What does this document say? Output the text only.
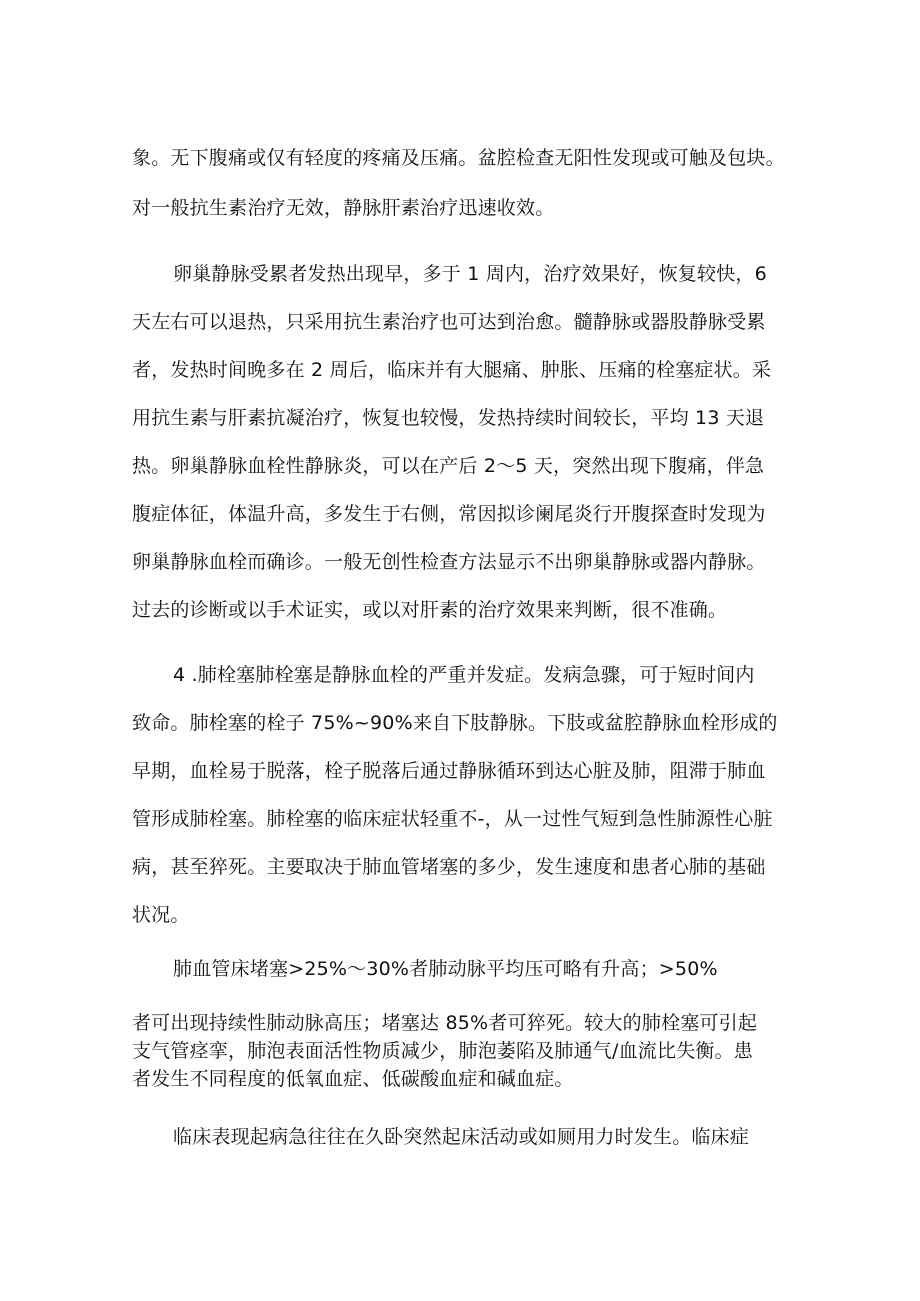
象。无下腹痛或仅有轻度的疼痛及压痛。盆腔检查无阳性发现或可触及包块。
对一般抗生素治疗无效，静脉肝素治疗迅速收效。
卵巢静脉受累者发热出现早，多于 1 周内，治疗效果好，恢复较快，6
天左右可以退热，只采用抗生素治疗也可达到治愈。髓静脉或器股静脉受累
者，发热时间晚多在 2 周后，临床并有大腿痛、肿胀、压痛的栓塞症状。采
用抗生素与肝素抗凝治疗，恢复也较慢，发热持续时间较长，平均 13 天退
热。卵巢静脉血栓性静脉炎，可以在产后 2～5 天，突然出现下腹痛，伴急
腹症体征，体温升高，多发生于右侧，常因拟诊阑尾炎行开腹探查时发现为
卵巢静脉血栓而确诊。一般无创性检查方法显示不出卵巢静脉或器内静脉。
过去的诊断或以手术证实，或以对肝素的治疗效果来判断，很不准确。
4 .肺栓塞肺栓塞是静脉血栓的严重并发症。发病急骤，可于短时间内
致命。肺栓塞的栓子 75%~90%来自下肢静脉。下肢或盆腔静脉血栓形成的
早期，血栓易于脱落，栓子脱落后通过静脉循环到达心脏及肺，阻滞于肺血
管形成肺栓塞。肺栓塞的临床症状轻重不-，从一过性气短到急性肺源性心脏
病，甚至猝死。主要取决于肺血管堵塞的多少，发生速度和患者心肺的基础
状况。
肺血管床堵塞>25%～30%者肺动脉平均压可略有升高；>50%
者可出现持续性肺动脉高压；堵塞达 85%者可猝死。较大的肺栓塞可引起
支气管痉挛，肺泡表面活性物质减少，肺泡萎陷及肺通气/血流比失衡。患
者发生不同程度的低氧血症、低碳酸血症和碱血症。
临床表现起病急往往在久卧突然起床活动或如厕用力时发生。临床症
